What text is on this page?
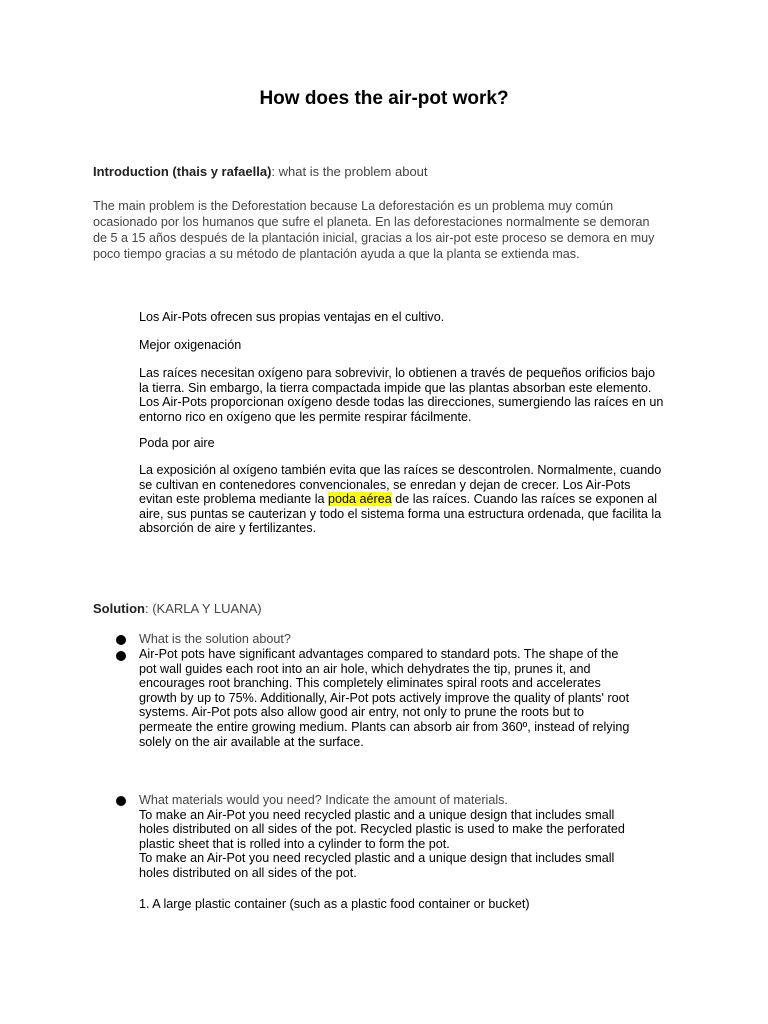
How does the air-pot work?
Introduction (thais y rafaella): what is the problem about
The main problem is the Deforestation because La deforestación es un problema muy común
ocasionado por los humanos que sufre el planeta. En las deforestaciones normalmente se demoran
de 5 a 15 años después de la plantación inicial, gracias a los air-pot este proceso se demora en muy
poco tiempo gracias a su método de plantación ayuda a que la planta se extienda mas.
Los Air-Pots ofrecen sus propias ventajas en el cultivo.
Mejor oxigenación
Las raíces necesitan oxígeno para sobrevivir, lo obtienen a través de pequeños orificios bajo
la tierra. Sin embargo, la tierra compactada impide que las plantas absorban este elemento.
Los Air-Pots proporcionan oxígeno desde todas las direcciones, sumergiendo las raíces en un
entorno rico en oxígeno que les permite respirar fácilmente.
Poda por aire
La exposición al oxígeno también evita que las raíces se descontrolen. Normalmente, cuando
se cultivan en contenedores convencionales, se enredan y dejan de crecer. Los Air-Pots
evitan este problema mediante la poda aérea de las raíces. Cuando las raíces se exponen al
aire, sus puntas se cauterizan y todo el sistema forma una estructura ordenada, que facilita la
absorción de aire y fertilizantes.
Solution: (KARLA Y LUANA)
What is the solution about?
Air-Pot pots have significant advantages compared to standard pots. The shape of the
pot wall guides each root into an air hole, which dehydrates the tip, prunes it, and
encourages root branching. This completely eliminates spiral roots and accelerates
growth by up to 75%. Additionally, Air-Pot pots actively improve the quality of plants' root
systems. Air-Pot pots also allow good air entry, not only to prune the roots but to
permeate the entire growing medium. Plants can absorb air from 360º, instead of relying
solely on the air available at the surface.
What materials would you need? Indicate the amount of materials.
To make an Air-Pot you need recycled plastic and a unique design that includes small
holes distributed on all sides of the pot. Recycled plastic is used to make the perforated
plastic sheet that is rolled into a cylinder to form the pot.
To make an Air-Pot you need recycled plastic and a unique design that includes small
holes distributed on all sides of the pot.
1. A large plastic container (such as a plastic food container or bucket)
